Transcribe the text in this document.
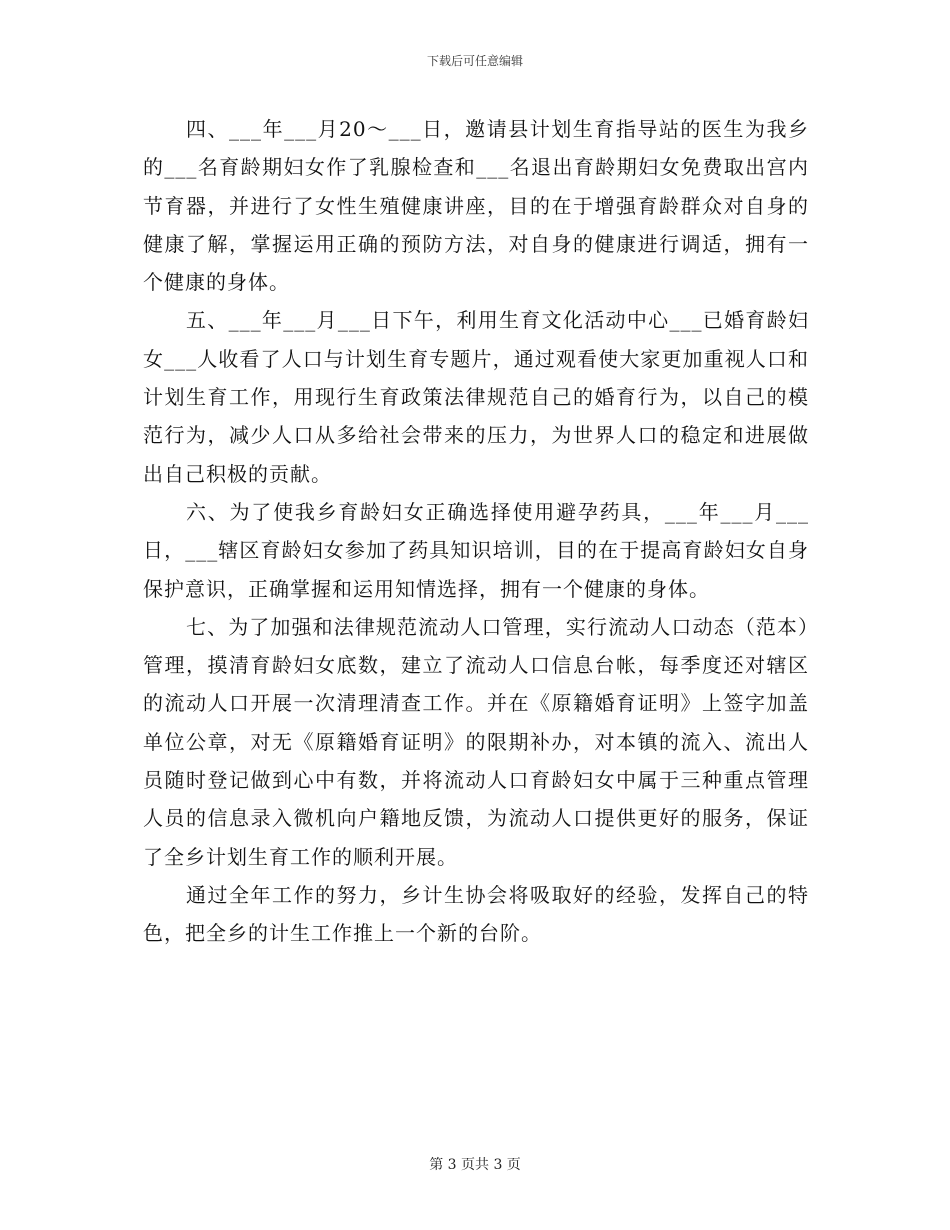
下载后可任意编辑

四、___年___月20～___日，邀请县计划生育指导站的医生为我乡的___名育龄期妇女作了乳腺检查和___名退出育龄期妇女免费取出宫内节育器，并进行了女性生殖健康讲座，目的在于增强育龄群众对自身的健康了解，掌握运用正确的预防方法，对自身的健康进行调适，拥有一个健康的身体。

五、___年___月___日下午，利用生育文化活动中心___已婚育龄妇女___人收看了人口与计划生育专题片，通过观看使大家更加重视人口和计划生育工作，用现行生育政策法律规范自己的婚育行为，以自己的模范行为，减少人口从多给社会带来的压力，为世界人口的稳定和进展做出自己积极的贡献。

六、为了使我乡育龄妇女正确选择使用避孕药具，___年___月___日，___辖区育龄妇女参加了药具知识培训，目的在于提高育龄妇女自身保护意识，正确掌握和运用知情选择，拥有一个健康的身体。

七、为了加强和法律规范流动人口管理，实行流动人口动态（范本）管理，摸清育龄妇女底数，建立了流动人口信息台帐，每季度还对辖区的流动人口开展一次清理清查工作。并在《原籍婚育证明》上签字加盖单位公章，对无《原籍婚育证明》的限期补办，对本镇的流入、流出人员随时登记做到心中有数，并将流动人口育龄妇女中属于三种重点管理人员的信息录入微机向户籍地反馈，为流动人口提供更好的服务，保证了全乡计划生育工作的顺利开展。

通过全年工作的努力，乡计生协会将吸取好的经验，发挥自己的特色，把全乡的计生工作推上一个新的台阶。

第 3 页共 3 页
